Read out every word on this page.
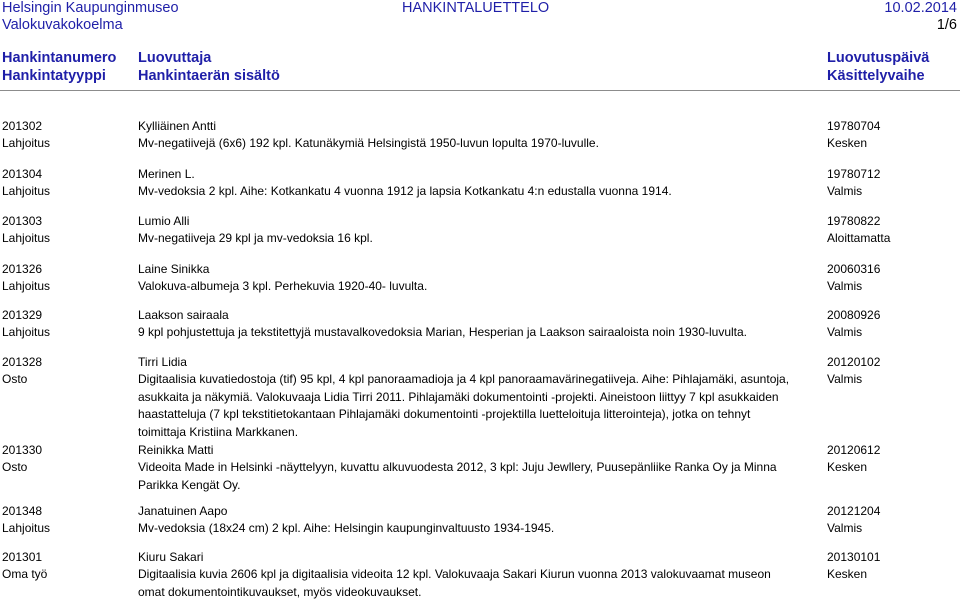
Helsingin Kaupunginmuseo
Valokuvakokoelma
HANKINTALUETTELO	10.02.2014
1/6
Hankintanumero
Hankintatyyppi
Luovuttaja
Hankintaerän sisältö
Luovutuspäivä
Käsittelyvaihe
201302
Lahjoitus
Kylliäinen Antti
Mv-negatiivejä (6x6) 192 kpl. Katunäkymiä Helsingistä 1950-luvun lopulta 1970-luvulle.
19780704
Kesken
201304
Lahjoitus
Merinen L.
Mv-vedoksia 2 kpl. Aihe: Kotkankatu 4 vuonna 1912 ja lapsia Kotkankatu 4:n edustalla vuonna 1914.
19780712
Valmis
201303
Lahjoitus
Lumio Alli
Mv-negatiiveja 29 kpl ja mv-vedoksia 16 kpl.
19780822
Aloittamatta
201326
Lahjoitus
Laine Sinikka
Valokuva-albumeja 3 kpl. Perhekuvia 1920-40- luvulta.
20060316
Valmis
201329
Lahjoitus
Laakson sairaala
9 kpl pohjustettuja ja tekstitettyjä mustavalkovedoksia Marian, Hesperian ja Laakson sairaaloista noin 1930-luvulta.
20080926
Valmis
201328
Osto
Tirri Lidia
Digitaalisia kuvatiedostoja (tif) 95 kpl, 4 kpl panoraamadioja ja 4 kpl panoraamavärinegatiiveja. Aihe: Pihlajamäki, asuntoja, asukkaita ja näkymiä. Valokuvaaja Lidia Tirri 2011. Pihlajamäki dokumentointi -projekti. Aineistoon liittyy 7 kpl asukkaiden haastatteluja (7 kpl tekstitietokantaan Pihlajamäki dokumentointi -projektilla luetteloituja litterointeja), jotka on tehnyt toimittaja Kristiina Markkanen.
20120102
Valmis
201330
Osto
Reinikka Matti
Videoita Made in Helsinki -näyttelyyn, kuvattu alkuvuodesta 2012, 3 kpl: Juju Jewllery, Puusepänliike Ranka Oy ja Minna Parikka Kengät Oy.
20120612
Kesken
201348
Lahjoitus
Janatuinen Aapo
Mv-vedoksia (18x24 cm) 2 kpl. Aihe: Helsingin kaupunginvaltuusto 1934-1945.
20121204
Valmis
201301
Oma työ
Kiuru Sakari
Digitaalisia kuvia 2606 kpl ja digitaalisia videoita 12 kpl. Valokuvaaja Sakari Kiurun vuonna 2013 valokuvaamat museon omat dokumentointikuvaukset, myös videokuvaukset.
20130101
Kesken
